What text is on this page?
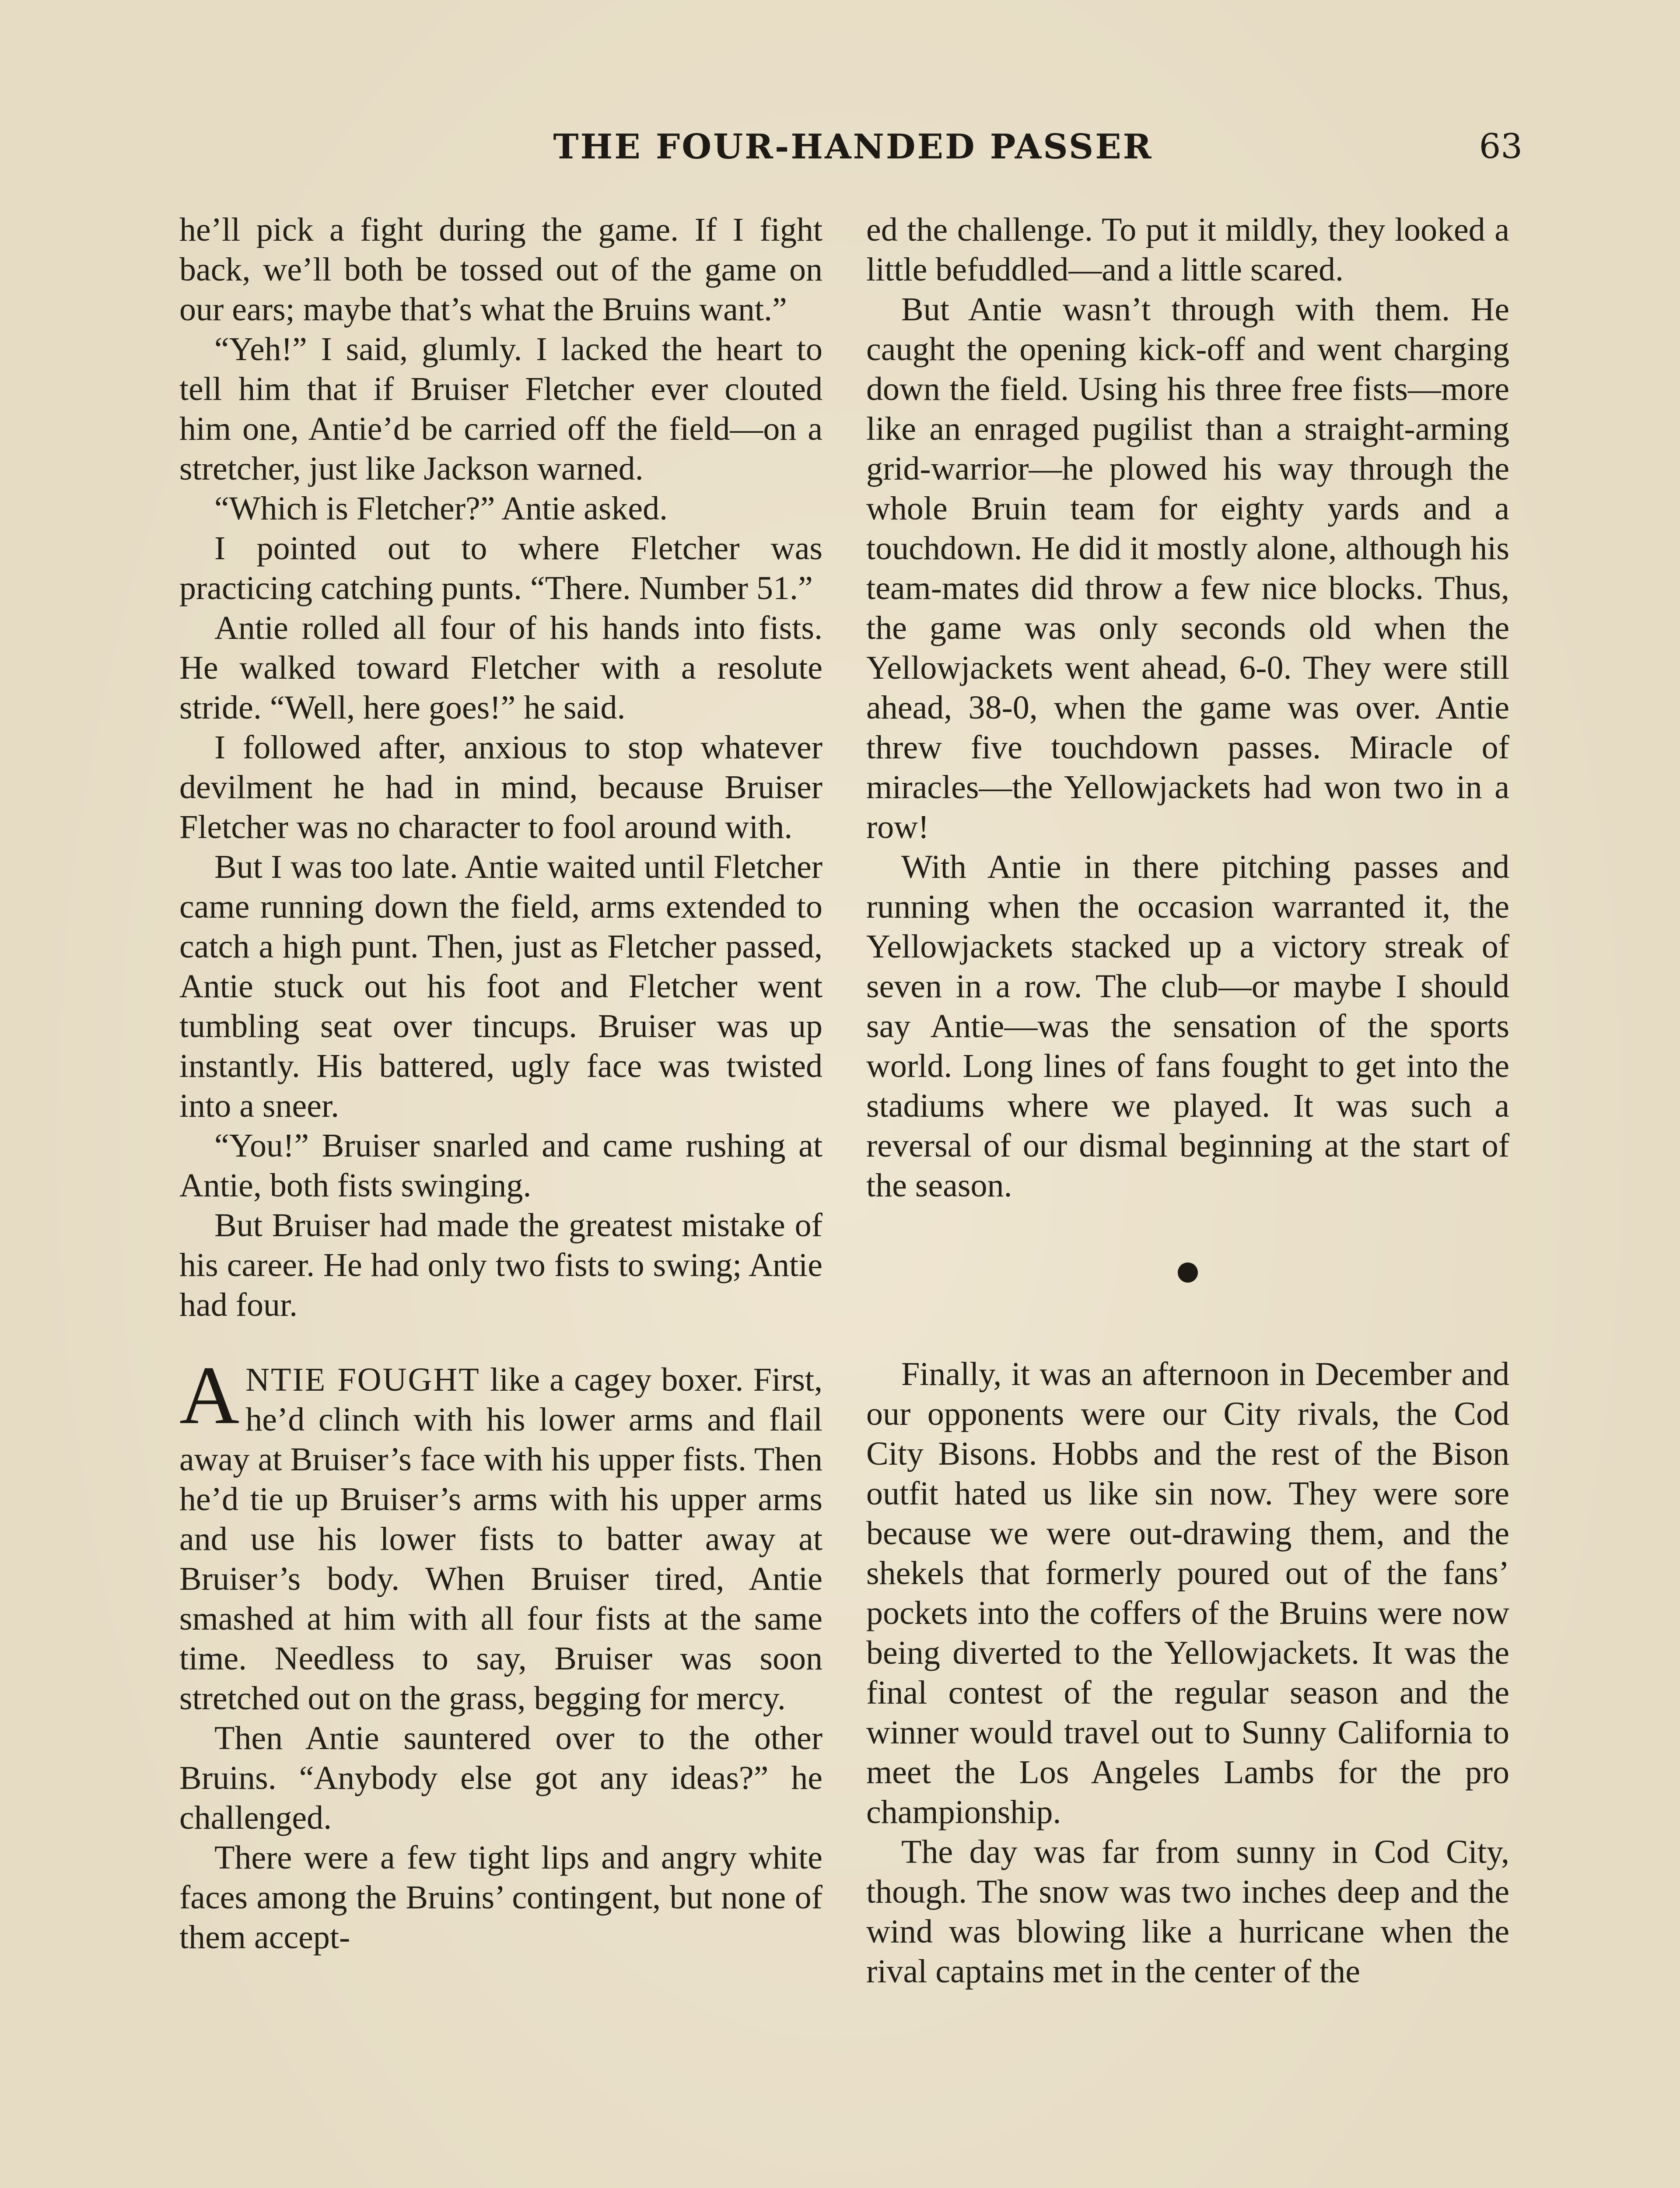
THE FOUR-HANDED PASSER	63

he’ll pick a fight during the game. If I fight back, we’ll both be tossed out of the game on our ears; maybe that’s what the Bruins want.”

“Yeh!” I said, glumly. I lacked the heart to tell him that if Bruiser Fletcher ever clouted him one, Antie’d be carried off the field—on a stretcher, just like Jackson warned.

“Which is Fletcher?” Antie asked.

I pointed out to where Fletcher was practicing catching punts. “There. Number 51.”

Antie rolled all four of his hands into fists. He walked toward Fletcher with a resolute stride. “Well, here goes!” he said.

I followed after, anxious to stop whatever devilment he had in mind, because Bruiser Fletcher was no character to fool around with.

But I was too late. Antie waited until Fletcher came running down the field, arms extended to catch a high punt. Then, just as Fletcher passed, Antie stuck out his foot and Fletcher went tumbling seat over tincups. Bruiser was up instantly. His battered, ugly face was twisted into a sneer.

“You!” Bruiser snarled and came rushing at Antie, both fists swinging.

But Bruiser had made the greatest mistake of his career. He had only two fists to swing; Antie had four.

ANTIE FOUGHT like a cagey boxer. First, he’d clinch with his lower arms and flail away at Bruiser’s face with his upper fists. Then he’d tie up Bruiser’s arms with his upper arms and use his lower fists to batter away at Bruiser’s body. When Bruiser tired, Antie smashed at him with all four fists at the same time. Needless to say, Bruiser was soon stretched out on the grass, begging for mercy.

Then Antie sauntered over to the other Bruins. “Anybody else got any ideas?” he challenged.

There were a few tight lips and angry white faces among the Bruins’ contingent, but none of them accept-

ed the challenge. To put it mildly, they looked a little befuddled—and a little scared.

But Antie wasn’t through with them. He caught the opening kick-off and went charging down the field. Using his three free fists—more like an enraged pugilist than a straight-arming grid-warrior—he plowed his way through the whole Bruin team for eighty yards and a touchdown. He did it mostly alone, although his team-mates did throw a few nice blocks. Thus, the game was only seconds old when the Yellowjackets went ahead, 6-0. They were still ahead, 38-0, when the game was over. Antie threw five touchdown passes. Miracle of miracles—the Yellowjackets had won two in a row!

With Antie in there pitching passes and running when the occasion warranted it, the Yellowjackets stacked up a victory streak of seven in a row. The club—or maybe I should say Antie—was the sensation of the sports world. Long lines of fans fought to get into the stadiums where we played. It was such a reversal of our dismal beginning at the start of the season.

Finally, it was an afternoon in December and our opponents were our City rivals, the Cod City Bisons. Hobbs and the rest of the Bison outfit hated us like sin now. They were sore because we were out-drawing them, and the shekels that formerly poured out of the fans’ pockets into the coffers of the Bruins were now being diverted to the Yellowjackets. It was the final contest of the regular season and the winner would travel out to Sunny California to meet the Los Angeles Lambs for the pro championship.

The day was far from sunny in Cod City, though. The snow was two inches deep and the wind was blowing like a hurricane when the rival captains met in the center of the
